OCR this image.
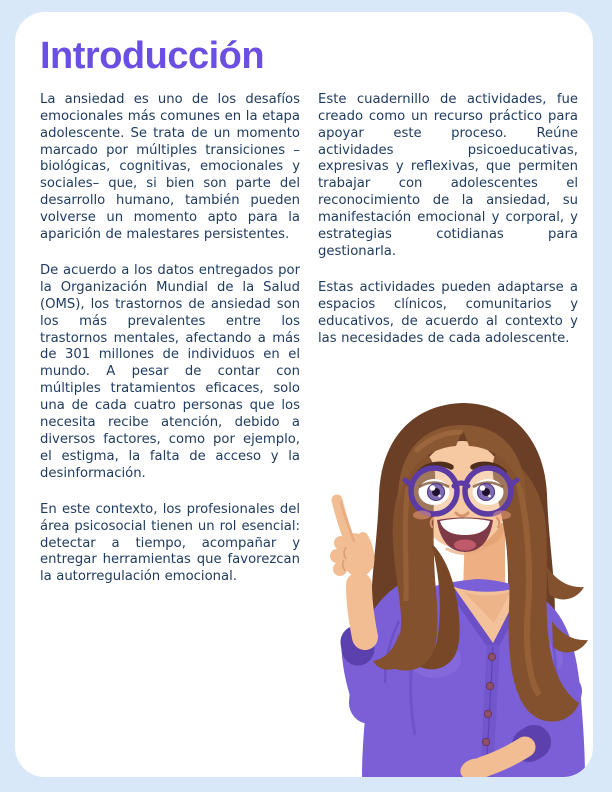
Introducción

La ansiedad es uno de los desafíos emocionales más comunes en la etapa adolescente. Se trata de un momento marcado por múltiples transiciones –biológicas, cognitivas, emocionales y sociales– que, si bien son parte del desarrollo humano, también pueden volverse un momento apto para la aparición de malestares persistentes.

De acuerdo a los datos entregados por la Organización Mundial de la Salud (OMS), los trastornos de ansiedad son los más prevalentes entre los trastornos mentales, afectando a más de 301 millones de individuos en el mundo. A pesar de contar con múltiples tratamientos eficaces, solo una de cada cuatro personas que los necesita recibe atención, debido a diversos factores, como por ejemplo, el estigma, la falta de acceso y la desinformación.

En este contexto, los profesionales del área psicosocial tienen un rol esencial: detectar a tiempo, acompañar y entregar herramientas que favorezcan la autorregulación emocional.

Este cuadernillo de actividades, fue creado como un recurso práctico para apoyar este proceso. Reúne actividades psicoeducativas, expresivas y reflexivas, que permiten trabajar con adolescentes el reconocimiento de la ansiedad, su manifestación emocional y corporal, y estrategias cotidianas para gestionarla.

Estas actividades pueden adaptarse a espacios clínicos, comunitarios y educativos, de acuerdo al contexto y las necesidades de cada adolescente.
